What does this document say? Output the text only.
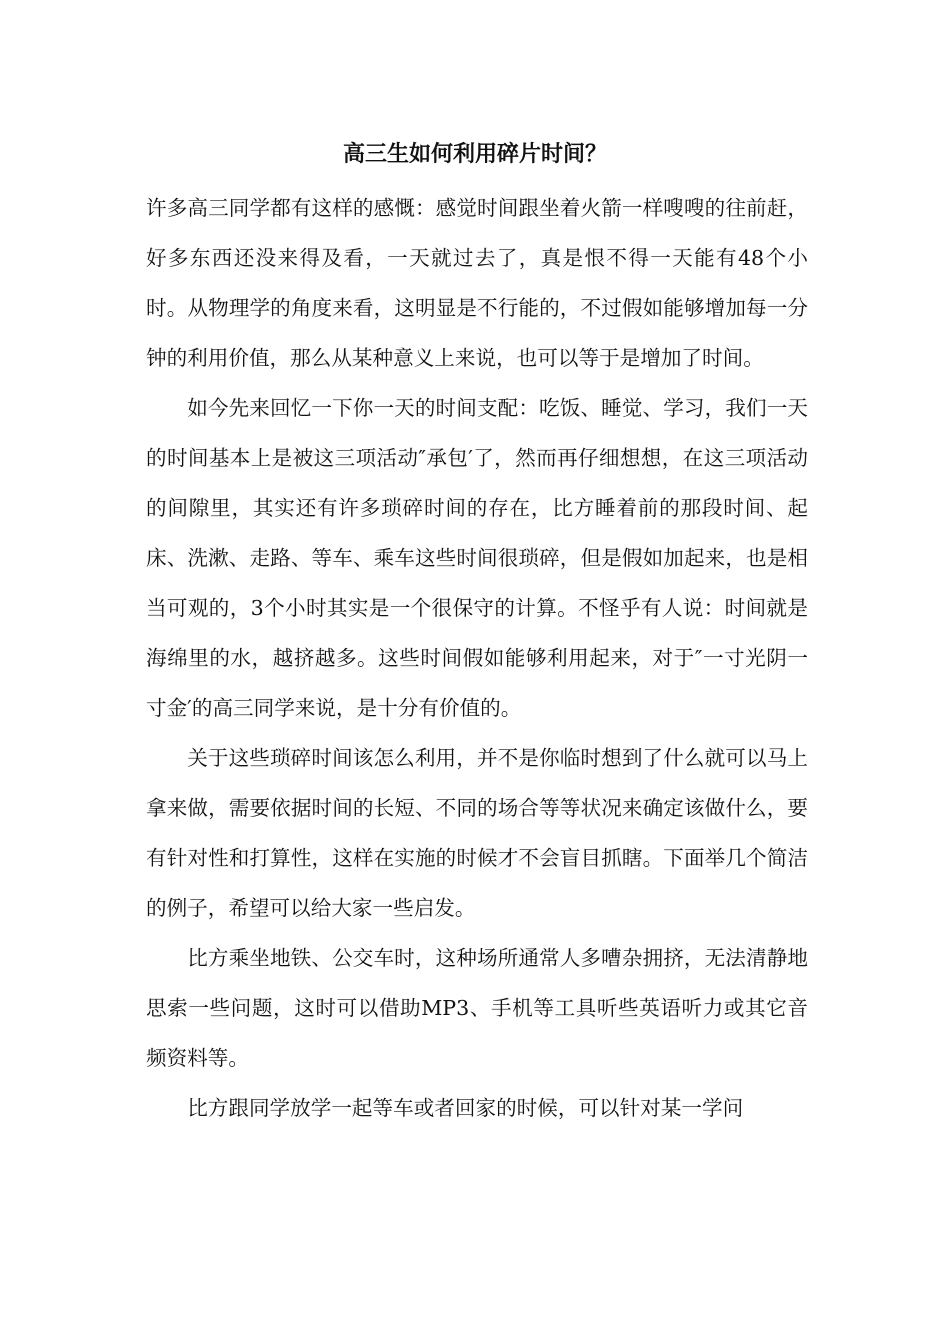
高三生如何利用碎片时间？

许多高三同学都有这样的感慨：感觉时间跟坐着火箭一样嗖嗖的往前赶，好多东西还没来得及看，一天就过去了，真是恨不得一天能有48个小时。从物理学的角度来看，这明显是不行能的，不过假如能够增加每一分钟的利用价值，那么从某种意义上来说，也可以等于是增加了时间。

如今先来回忆一下你一天的时间支配：吃饭、睡觉、学习，我们一天的时间基本上是被这三项活动″承包′了，然而再仔细想想，在这三项活动的间隙里，其实还有许多琐碎时间的存在，比方睡着前的那段时间、起床、洗漱、走路、等车、乘车这些时间很琐碎，但是假如加起来，也是相当可观的，3个小时其实是一个很保守的计算。不怪乎有人说：时间就是海绵里的水，越挤越多。这些时间假如能够利用起来，对于″一寸光阴一寸金′的高三同学来说，是十分有价值的。

关于这些琐碎时间该怎么利用，并不是你临时想到了什么就可以马上拿来做，需要依据时间的长短、不同的场合等等状况来确定该做什么，要有针对性和打算性，这样在实施的时候才不会盲目抓瞎。下面举几个简洁的例子，希望可以给大家一些启发。

比方乘坐地铁、公交车时，这种场所通常人多嘈杂拥挤，无法清静地思索一些问题，这时可以借助MP3、手机等工具听些英语听力或其它音频资料等。

比方跟同学放学一起等车或者回家的时候，可以针对某一学问
